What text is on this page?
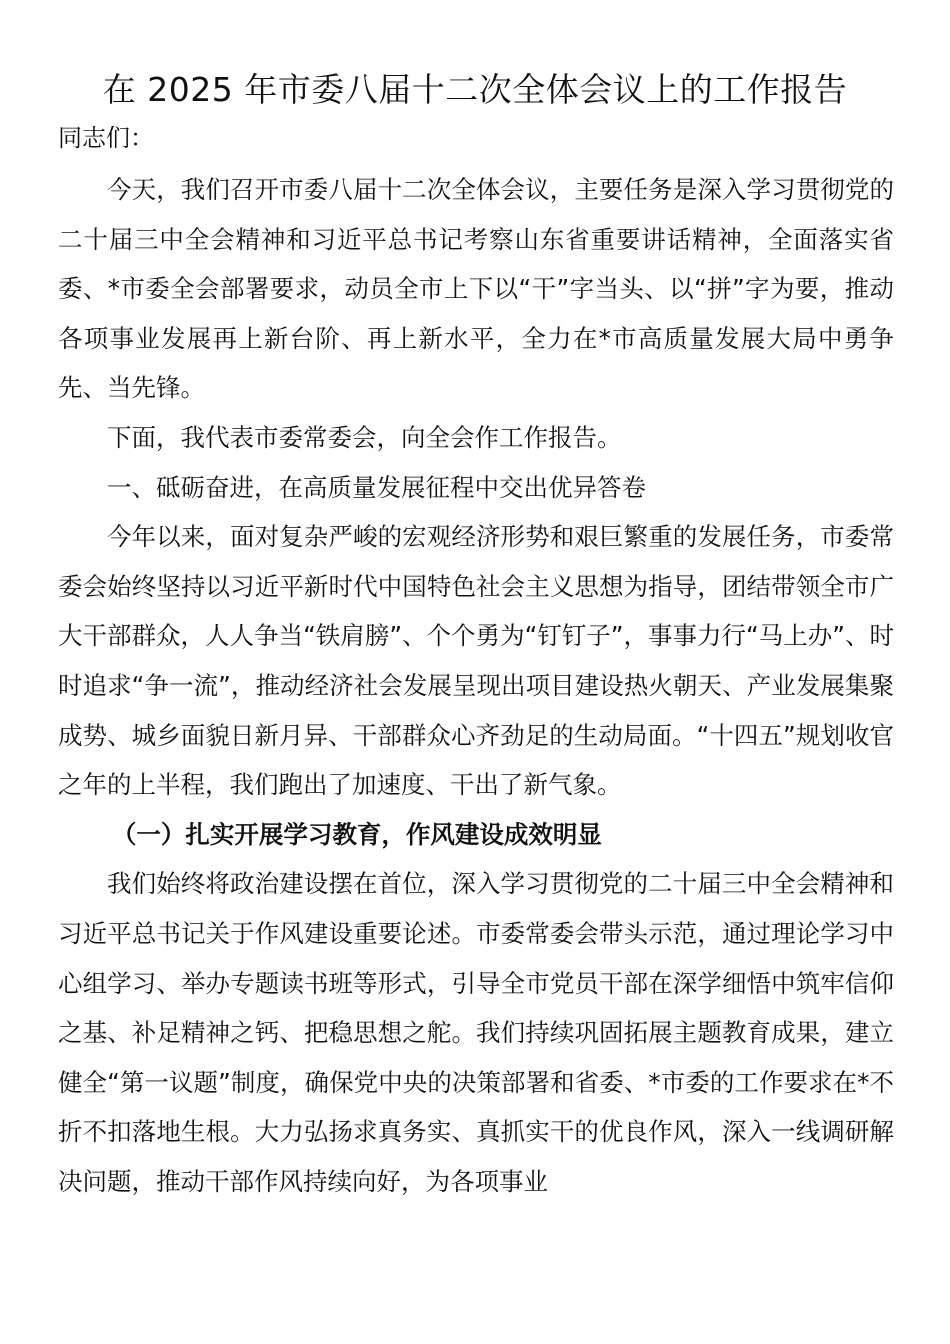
在 2025 年市委八届十二次全体会议上的工作报告
同志们：

今天，我们召开市委八届十二次全体会议，主要任务是深入学习贯彻党的二十届三中全会精神和习近平总书记考察山东省重要讲话精神，全面落实省委、*市委全会部署要求，动员全市上下以“干”字当头、以“拼”字为要，推动各项事业发展再上新台阶、再上新水平，全力在*市高质量发展大局中勇争先、当先锋。

下面，我代表市委常委会，向全会作工作报告。

一、砥砺奋进，在高质量发展征程中交出优异答卷

今年以来，面对复杂严峻的宏观经济形势和艰巨繁重的发展任务，市委常委会始终坚持以习近平新时代中国特色社会主义思想为指导，团结带领全市广大干部群众，人人争当“铁肩膀”、个个勇为“钉钉子”，事事力行“马上办”、时时追求“争一流”，推动经济社会发展呈现出项目建设热火朝天、产业发展集聚成势、城乡面貌日新月异、干部群众心齐劲足的生动局面。“十四五”规划收官之年的上半程，我们跑出了加速度、干出了新气象。

（一）扎实开展学习教育，作风建设成效明显

我们始终将政治建设摆在首位，深入学习贯彻党的二十届三中全会精神和习近平总书记关于作风建设重要论述。市委常委会带头示范，通过理论学习中心组学习、举办专题读书班等形式，引导全市党员干部在深学细悟中筑牢信仰之基、补足精神之钙、把稳思想之舵。我们持续巩固拓展主题教育成果，建立健全“第一议题”制度，确保党中央的决策部署和省委、*市委的工作要求在*不折不扣落地生根。大力弘扬求真务实、真抓实干的优良作风，深入一线调研解决问题，推动干部作风持续向好，为各项事业
